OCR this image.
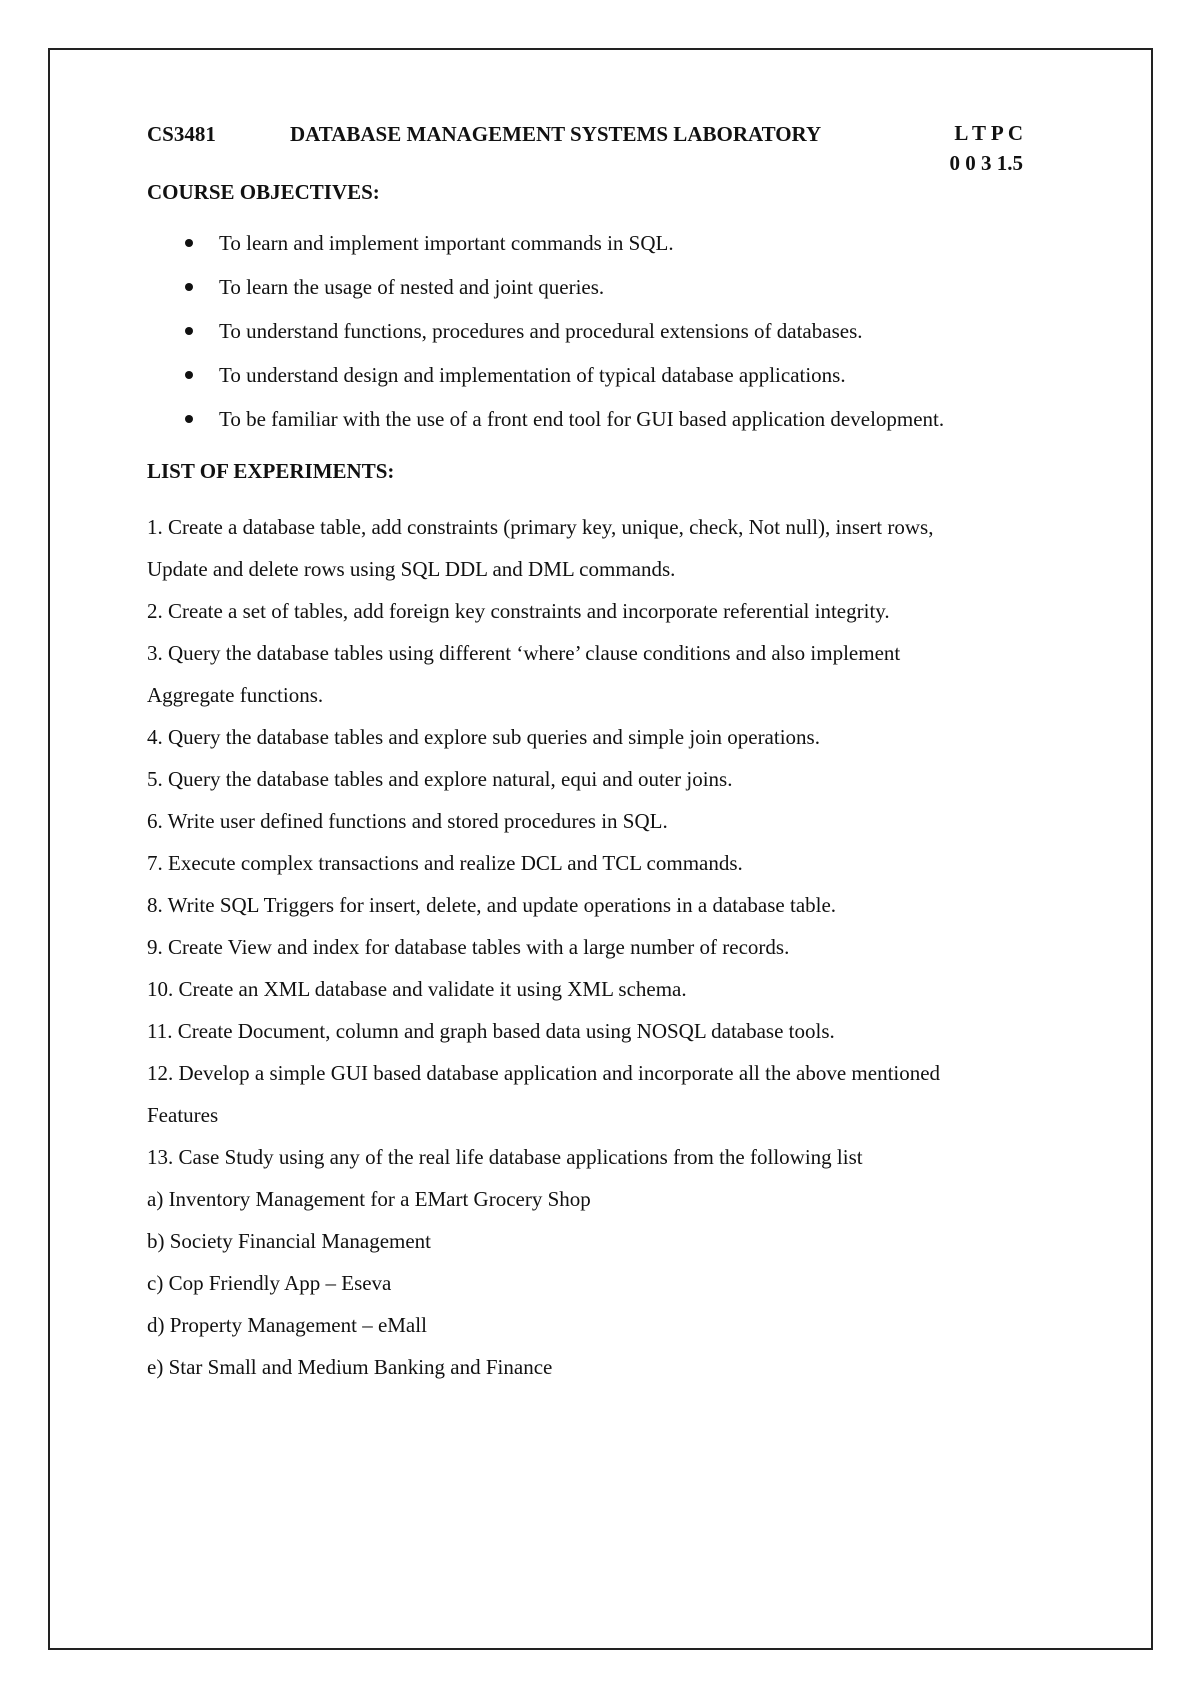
CS3481	DATABASE MANAGEMENT SYSTEMS LABORATORY	L T P C
0 0 3 1.5
COURSE OBJECTIVES:
To learn and implement important commands in SQL.
To learn the usage of nested and joint queries.
To understand functions, procedures and procedural extensions of databases.
To understand design and implementation of typical database applications.
To be familiar with the use of a front end tool for GUI based application development.
LIST OF EXPERIMENTS:

1. Create a database table, add constraints (primary key, unique, check, Not null), insert rows,

Update and delete rows using SQL DDL and DML commands.

2. Create a set of tables, add foreign key constraints and incorporate referential integrity.

3. Query the database tables using different ‘where’ clause conditions and also implement

Aggregate functions.

4. Query the database tables and explore sub queries and simple join operations.

5. Query the database tables and explore natural, equi and outer joins.

6. Write user defined functions and stored procedures in SQL.

7. Execute complex transactions and realize DCL and TCL commands.

8. Write SQL Triggers for insert, delete, and update operations in a database table.

9. Create View and index for database tables with a large number of records.

10. Create an XML database and validate it using XML schema.

11. Create Document, column and graph based data using NOSQL database tools.

12. Develop a simple GUI based database application and incorporate all the above mentioned

Features

13. Case Study using any of the real life database applications from the following list

a) Inventory Management for a EMart Grocery Shop

b) Society Financial Management

c) Cop Friendly App – Eseva

d) Property Management – eMall

e) Star Small and Medium Banking and Finance
